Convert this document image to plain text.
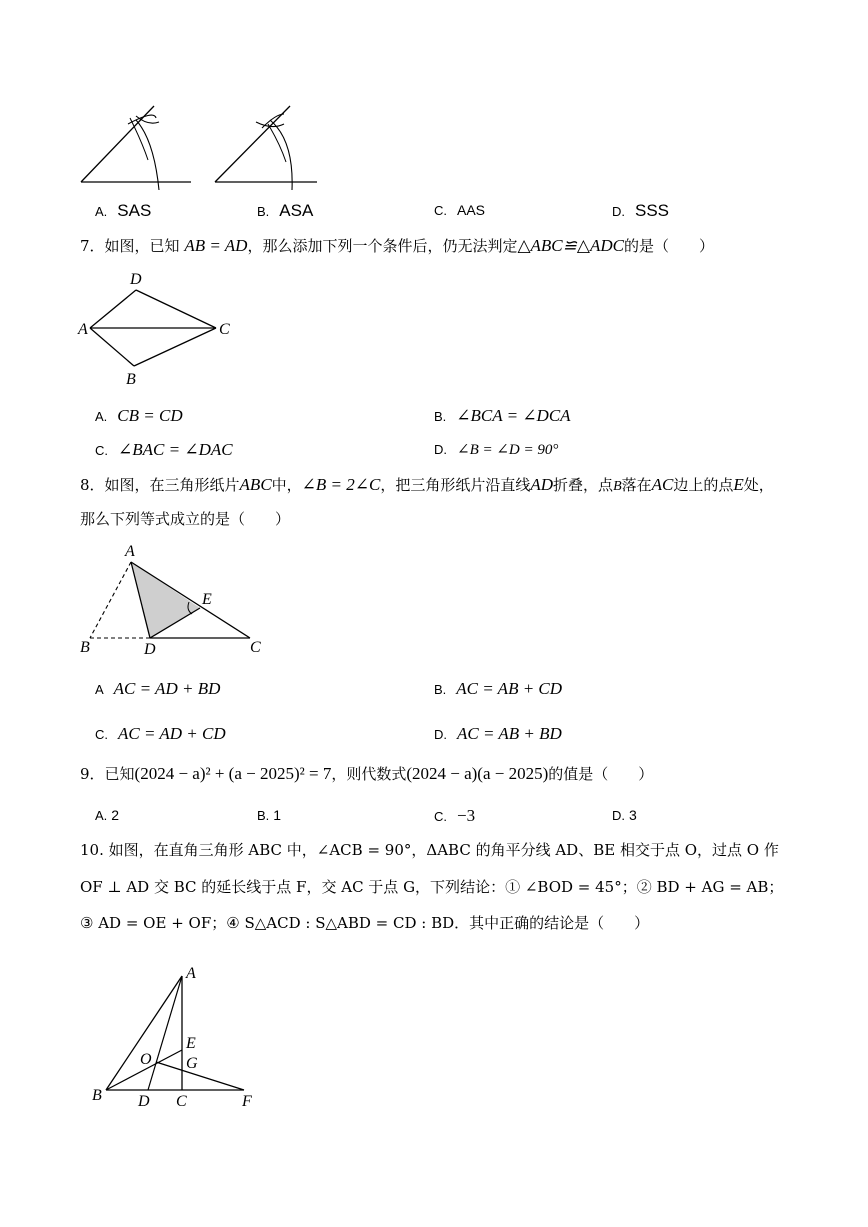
A. SAS	B. ASA	C. AAS	D. SSS
7．如图，已知 AB = AD，那么添加下列一个条件后，仍无法判定△ABC≌△ADC的是（　　）
D
A	C
B
A. CB = CD	B. ∠BCA = ∠DCA
C. ∠BAC = ∠DAC	D. ∠B = ∠D = 90°
8．如图，在三角形纸片ABC中，∠B = 2∠C，把三角形纸片沿直线AD折叠，点B落在AC边上的点E处，
那么下列等式成立的是（　　）
A
E
B	D	C
A AC = AD + BD	B. AC = AB + CD
C. AC = AD + CD	D. AC = AB + BD
9．已知(2024 − a)² + (a − 2025)² = 7，则代数式(2024 − a)(a − 2025)的值是（　　）
A. 2	B. 1	C. −3	D. 3
10. 如图，在直角三角形 ABC 中，∠ACB = 90°，ΔABC 的角平分线 AD、BE 相交于点 O，过点 O 作
OF ⊥ AD 交 BC 的延长线于点 F，交 AC 于点 G，下列结论：① ∠BOD = 45°；② BD + AG = AB；
③ AD = OE + OF；④ S△ACD : S△ABD = CD : BD．其中正确的结论是（　　）
A
E
O G
B D C	F
